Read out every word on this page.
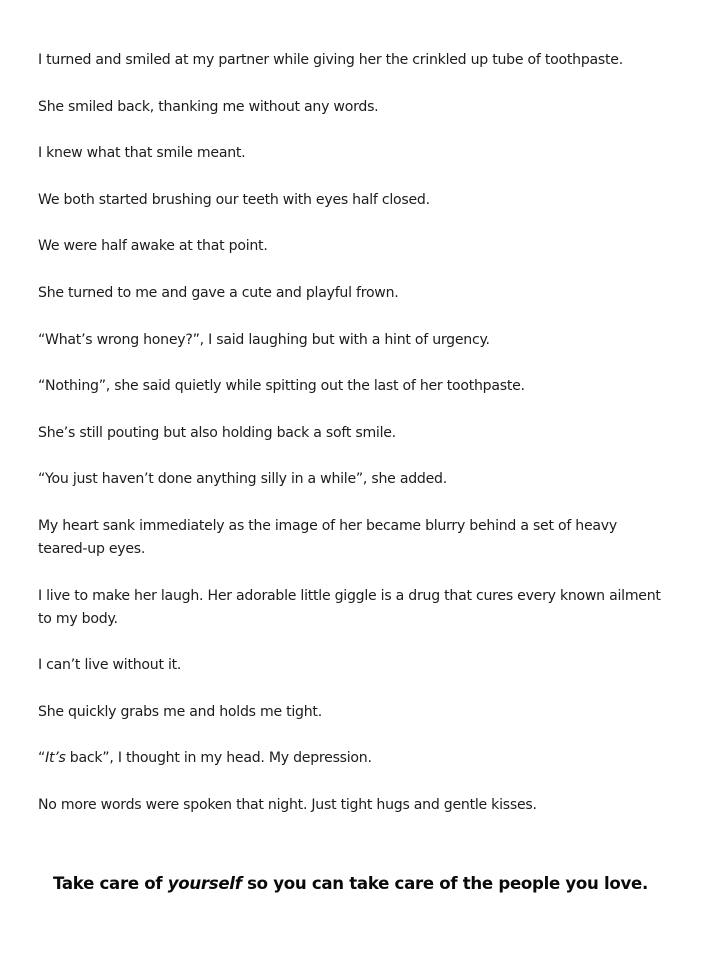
I turned and smiled at my partner while giving her the crinkled up tube of toothpaste.

She smiled back, thanking me without any words.

I knew what that smile meant.

We both started brushing our teeth with eyes half closed.

We were half awake at that point.

She turned to me and gave a cute and playful frown.

“What’s wrong honey?”, I said laughing but with a hint of urgency.

“Nothing”, she said quietly while spitting out the last of her toothpaste.

She’s still pouting but also holding back a soft smile.

“You just haven’t done anything silly in a while”, she added.

My heart sank immediately as the image of her became blurry behind a set of heavy teared-up eyes.

I live to make her laugh. Her adorable little giggle is a drug that cures every known ailment to my body.

I can’t live without it.

She quickly grabs me and holds me tight.

“It’s back”, I thought in my head. My depression.

No more words were spoken that night. Just tight hugs and gentle kisses.

Take care of yourself so you can take care of the people you love.
